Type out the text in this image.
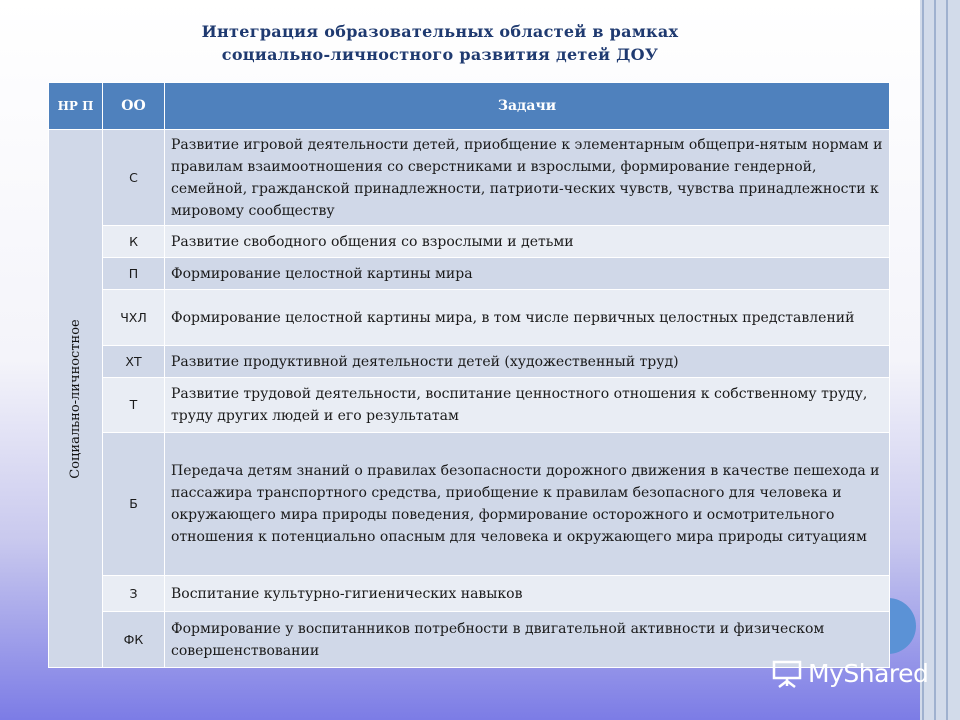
Интеграция образовательных областей в рамках
социально-личностного развития детей ДОУ
НР П	ОО	Задачи

Социально-личностное	С	Развитие игровой деятельности детей, приобщение к элементарным общепри-нятым нормам и правилам взаимоотношения со сверстниками и взрослыми, формирование гендерной, семейной, гражданской принадлежности, патриоти-ческих чувств, чувства принадлежности к мировому сообществу
	К	Развитие свободного общения со взрослыми и детьми
	П	Формирование целостной картины мира
	ЧХЛ	Формирование целостной картины мира, в том числе первичных целостных представлений
	ХТ	Развитие продуктивной деятельности детей (художественный труд)
	Т	Развитие трудовой деятельности, воспитание ценностного отношения к собственному труду, труду других людей и его результатам
	Б	Передача детям знаний о правилах безопасности дорожного движения в качестве пешехода и пассажира транспортного средства, приобщение к правилам безопасного для человека и окружающего мира природы поведения, формирование осторожного и осмотрительного отношения к потенциально опасным для человека и окружающего мира природы ситуациям
	З	Воспитание культурно-гигиенических навыков
	ФК	Формирование у воспитанников потребности в двигательной активности и физическом совершенствовании
MyShared
